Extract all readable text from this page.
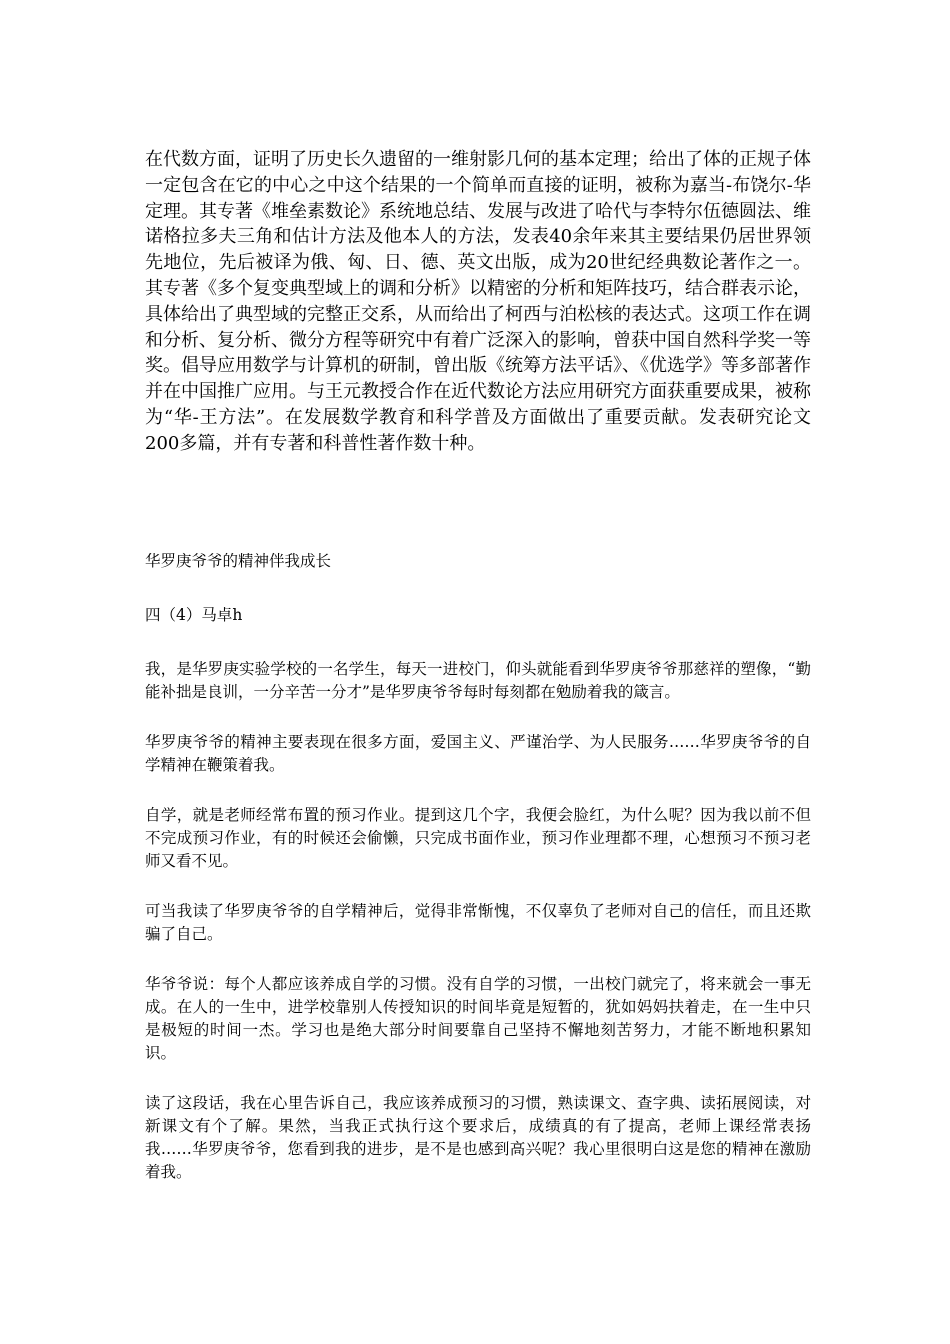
在代数方面，证明了历史长久遗留的一维射影几何的基本定理；给出了体的正规子体一定包含在它的中心之中这个结果的一个简单而直接的证明，被称为嘉当-布饶尔-华定理。其专著《堆垒素数论》系统地总结、发展与改进了哈代与李特尔伍德圆法、维诺格拉多夫三角和估计方法及他本人的方法，发表40余年来其主要结果仍居世界领先地位，先后被译为俄、匈、日、德、英文出版，成为20世纪经典数论著作之一。其专著《多个复变典型域上的调和分析》以精密的分析和矩阵技巧，结合群表示论，具体给出了典型域的完整正交系，从而给出了柯西与泊松核的表达式。这项工作在调和分析、复分析、微分方程等研究中有着广泛深入的影响，曾获中国自然科学奖一等奖。倡导应用数学与计算机的研制，曾出版《统筹方法平话》、《优选学》等多部著作并在中国推广应用。与王元教授合作在近代数论方法应用研究方面获重要成果，被称为“华-王方法”。在发展数学教育和科学普及方面做出了重要贡献。发表研究论文200多篇，并有专著和科普性著作数十种。

华罗庚爷爷的精神伴我成长

四（4）马卓h

我，是华罗庚实验学校的一名学生，每天一进校门，仰头就能看到华罗庚爷爷那慈祥的塑像，“勤能补拙是良训，一分辛苦一分才”是华罗庚爷爷每时每刻都在勉励着我的箴言。

华罗庚爷爷的精神主要表现在很多方面，爱国主义、严谨治学、为人民服务……华罗庚爷爷的自学精神在鞭策着我。

自学，就是老师经常布置的预习作业。提到这几个字，我便会脸红，为什么呢？因为我以前不但不完成预习作业，有的时候还会偷懒，只完成书面作业，预习作业理都不理，心想预习不预习老师又看不见。

可当我读了华罗庚爷爷的自学精神后，觉得非常惭愧，不仅辜负了老师对自己的信任，而且还欺骗了自己。

华爷爷说：每个人都应该养成自学的习惯。没有自学的习惯，一出校门就完了，将来就会一事无成。在人的一生中，进学校靠别人传授知识的时间毕竟是短暂的，犹如妈妈扶着走，在一生中只是极短的时间一杰。学习也是绝大部分时间要靠自己坚持不懈地刻苦努力，才能不断地积累知识。

读了这段话，我在心里告诉自己，我应该养成预习的习惯，熟读课文、查字典、读拓展阅读，对新课文有个了解。果然，当我正式执行这个要求后，成绩真的有了提高，老师上课经常表扬我……华罗庚爷爷，您看到我的进步，是不是也感到高兴呢？我心里很明白这是您的精神在激励着我。
